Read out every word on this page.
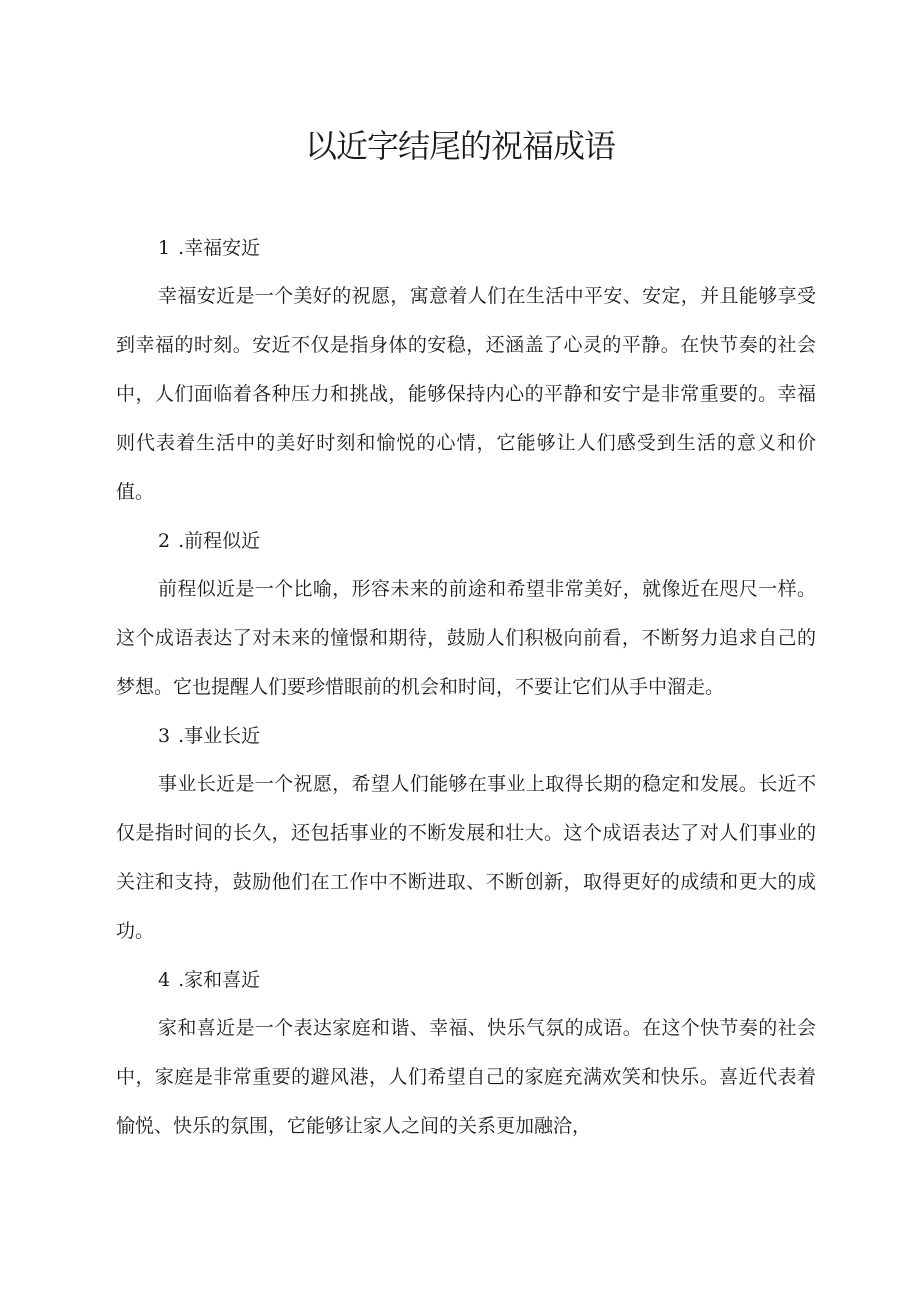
以近字结尾的祝福成语

1 .幸福安近

幸福安近是一个美好的祝愿，寓意着人们在生活中平安、安定，并且能够享受到幸福的时刻。安近不仅是指身体的安稳，还涵盖了心灵的平静。在快节奏的社会中，人们面临着各种压力和挑战，能够保持内心的平静和安宁是非常重要的。幸福则代表着生活中的美好时刻和愉悦的心情，它能够让人们感受到生活的意义和价值。

2 .前程似近

前程似近是一个比喻，形容未来的前途和希望非常美好，就像近在咫尺一样。这个成语表达了对未来的憧憬和期待，鼓励人们积极向前看，不断努力追求自己的梦想。它也提醒人们要珍惜眼前的机会和时间，不要让它们从手中溜走。

3 .事业长近

事业长近是一个祝愿，希望人们能够在事业上取得长期的稳定和发展。长近不仅是指时间的长久，还包括事业的不断发展和壮大。这个成语表达了对人们事业的关注和支持，鼓励他们在工作中不断进取、不断创新，取得更好的成绩和更大的成功。

4 .家和喜近

家和喜近是一个表达家庭和谐、幸福、快乐气氛的成语。在这个快节奏的社会中，家庭是非常重要的避风港，人们希望自己的家庭充满欢笑和快乐。喜近代表着愉悦、快乐的氛围，它能够让家人之间的关系更加融洽，
